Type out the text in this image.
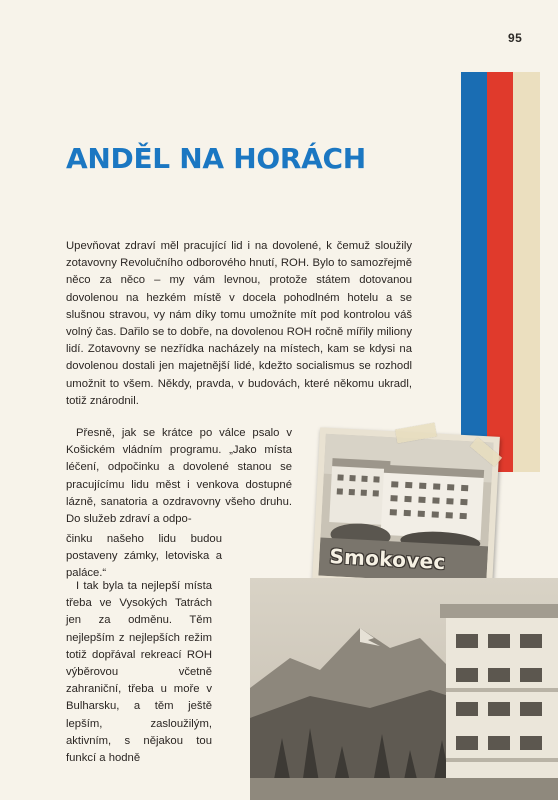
95
ANDĚL NA HORÁCH

Upevňovat zdraví měl pracující lid i na dovolené, k čemuž sloužily zotavovny Revolučního odborového hnutí, ROH. Bylo to samozřejmě něco za něco – my vám levnou, protože státem dotovanou dovolenou na hezkém místě v docela pohodlném hotelu a se slušnou stravou, vy nám díky tomu umožníte mít pod kontrolou váš volný čas. Dařilo se to dobře, na dovolenou ROH ročně mířily miliony lidí. Zotavovny se nezřídka nacházely na místech, kam se kdysi na dovolenou dostali jen majetnější lidé, kdežto socialismus se rozhodl umožnit to všem. Někdy, pravda, v budovách, které někomu ukradl, totiž znárodnil.

Přesně, jak se krátce po válce psalo v Košickém vládním programu. „Jako místa léčení, odpočinku a dovolené stanou se pracujícímu lidu měst i venkova dostupné lázně, sanatoria a ozdravovny všeho druhu. Do služeb zdraví a odpo-

činku našeho lidu budou postaveny zámky, letoviska a paláce.“

I tak byla ta nejlepší místa třeba ve Vysokých Tatrách jen za odměnu. Těm nejlepším z nejlepších režim totiž dopřával rekreací ROH výběrovou včetně zahraniční, třeba u moře v Bulharsku, a těm ještě lepším, zasloužilým, aktivním, s nějakou tou funkcí a hodně

Smokovec
